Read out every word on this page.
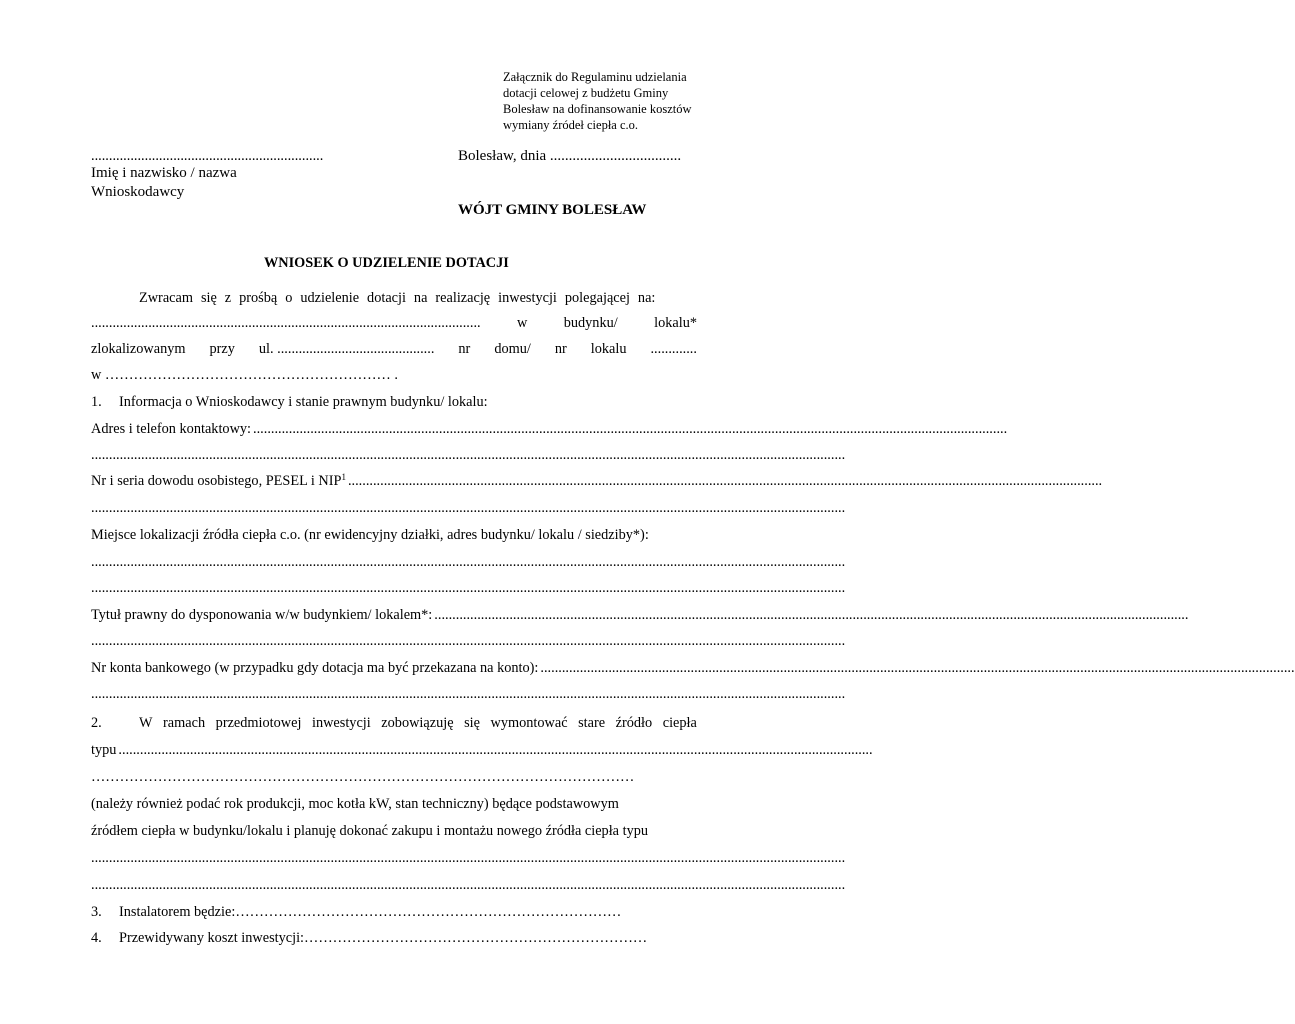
Załącznik do Regulaminu udzielania
dotacji celowej z budżetu Gminy
Bolesław na dofinansowanie kosztów
wymiany źródeł ciepła c.o.
.................................................................
Imię i nazwisko / nazwa
Wnioskodawcy
Bolesław, dnia ...................................
WÓJT GMINY BOLESŁAW
WNIOSEK O UDZIELENIE DOTACJI
Zwracam się z prośbą o udzielenie dotacji na realizację inwestycji polegającej na:
.............................................................................................................	w	budynku/	lokalu*
zlokalizowanym przy ul. ............................................ nr domu/ nr lokalu .............
w …………………………………………………… .
1.	Informacja o Wnioskodawcy i stanie prawnym budynku/ lokalu:
Adres i telefon kontaktowy: ...................................................................................................................................................................................................................
...................................................................................................................................................................................................................
Nr i seria dowodu osobistego, PESEL i NIP$^1$ ...................................................................................................................................................................................................................
...................................................................................................................................................................................................................
Miejsce lokalizacji źródła ciepła c.o. (nr ewidencyjny działki, adres budynku/ lokalu / siedziby*):
...................................................................................................................................................................................................................
...................................................................................................................................................................................................................
Tytuł prawny do dysponowania w/w budynkiem/ lokalem*: ...................................................................................................................................................................................................................
...................................................................................................................................................................................................................
Nr konta bankowego (w przypadku gdy dotacja ma być przekazana na konto): ...................................................................................................................................................................................................................
...................................................................................................................................................................................................................
2.	W ramach przedmiotowej inwestycji zobowiązuję się wymontować stare źródło ciepła
typu ...................................................................................................................................................................................................................
……………………………………………………………………………………………………
(należy również podać rok produkcji, moc kotła kW, stan techniczny) będące podstawowym
źródłem ciepła w budynku/lokalu i planuję dokonać zakupu i montażu nowego źródła ciepła typu
...................................................................................................................................................................................................................
...................................................................................................................................................................................................................
3.	Instalatorem będzie: ………………………………………………………………………
4.	Przewidywany koszt inwestycji: ………………………………………………………………
